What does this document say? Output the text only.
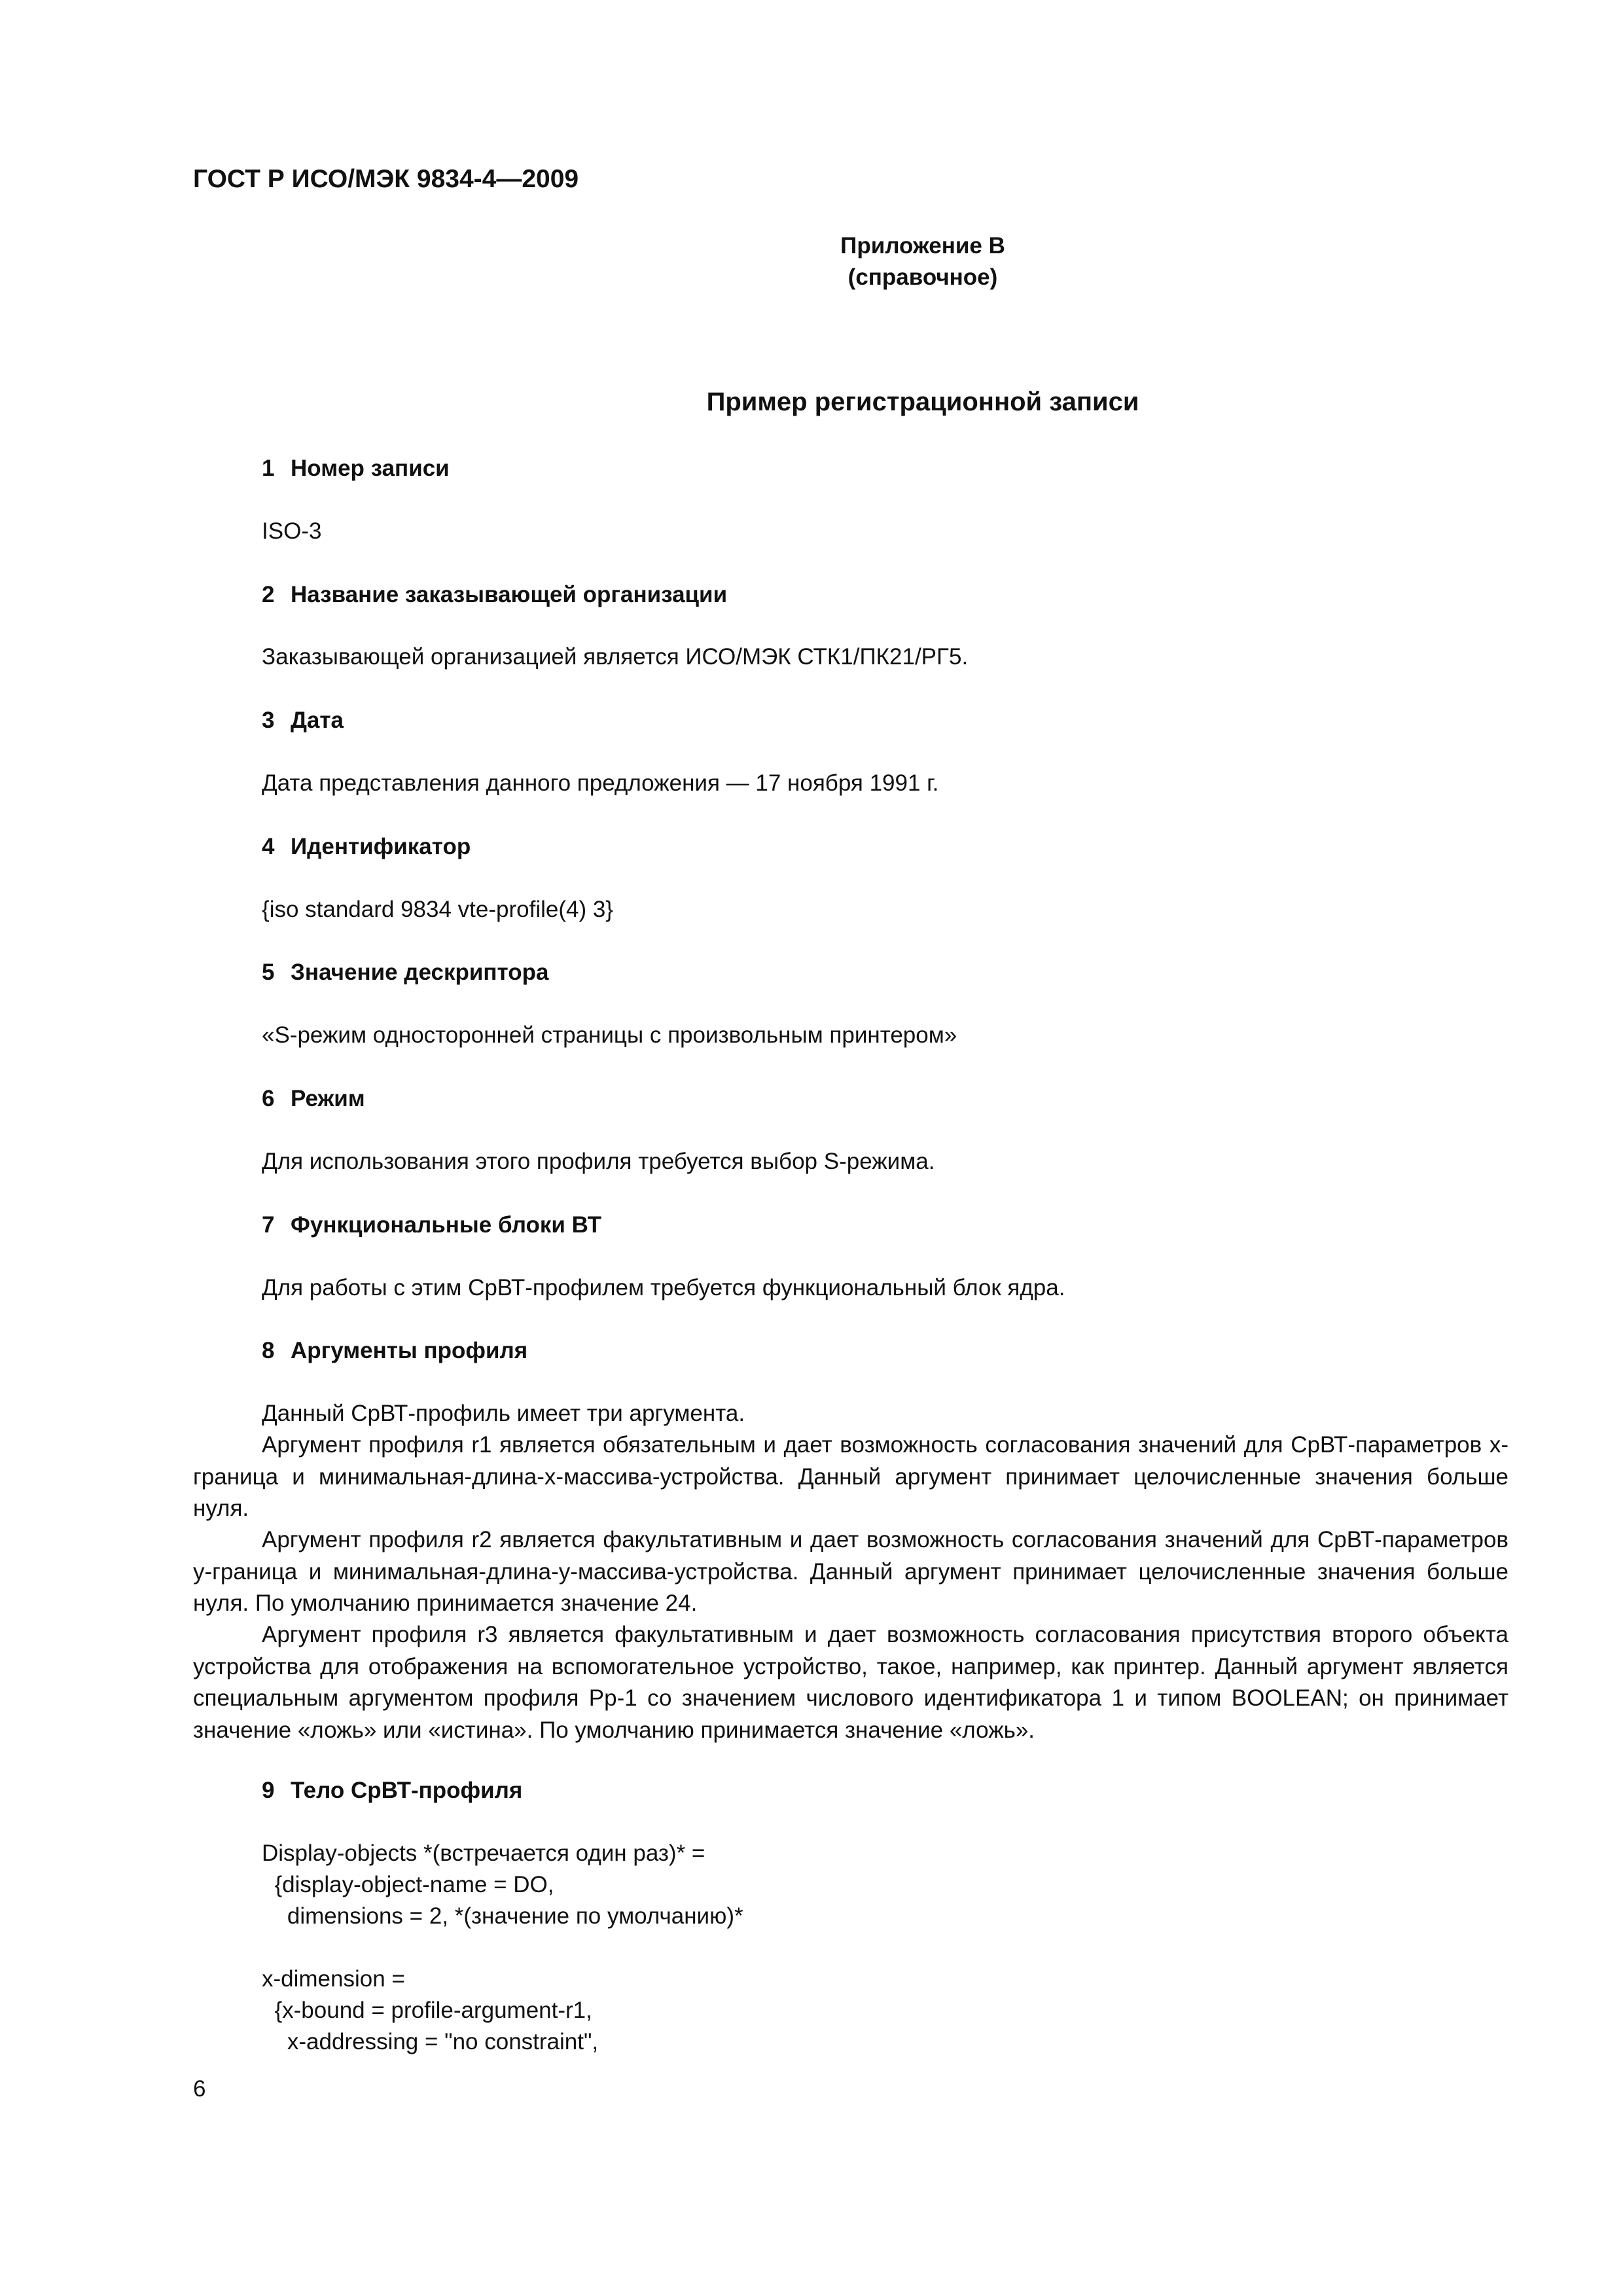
ГОСТ Р ИСО/МЭК 9834-4—2009
Приложение В
(справочное)
Пример регистрационной записи
1 Номер записи
ISO-3
2 Название заказывающей организации
Заказывающей организацией является ИСО/МЭК СТК1/ПК21/РГ5.
3 Дата
Дата представления данного предложения — 17 ноября 1991 г.
4 Идентификатор
{iso standard 9834 vte-profile(4) 3}
5 Значение дескриптора
«S-режим односторонней страницы с произвольным принтером»
6 Режим
Для использования этого профиля требуется выбор S-режима.
7 Функциональные блоки ВТ
Для работы с этим СрВТ-профилем требуется функциональный блок ядра.
8 Аргументы профиля
Данный СрВТ-профиль имеет три аргумента.
Аргумент профиля r1 является обязательным и дает возможность согласования значений для СрВТ-параметров x-граница и минимальная-длина-x-массива-устройства. Данный аргумент принимает целочисленные значения больше нуля.
Аргумент профиля r2 является факультативным и дает возможность согласования значений для СрВТ-параметров y-граница и минимальная-длина-y-массива-устройства. Данный аргумент принимает целочисленные значения больше нуля. По умолчанию принимается значение 24.
Аргумент профиля r3 является факультативным и дает возможность согласования присутствия второго объекта устройства для отображения на вспомогательное устройство, такое, например, как принтер. Данный аргумент является специальным аргументом профиля Рр-1 со значением числового идентификатора 1 и типом BOOLEAN; он принимает значение «ложь» или «истина». По умолчанию принимается значение «ложь».
9 Тело СрВТ-профиля
Display-objects *(встречается один раз)* =
{display-object-name = DO,
dimensions = 2, *(значение по умолчанию)*
x-dimension =
{x-bound = profile-argument-r1,
x-addressing = "no constraint",
6
